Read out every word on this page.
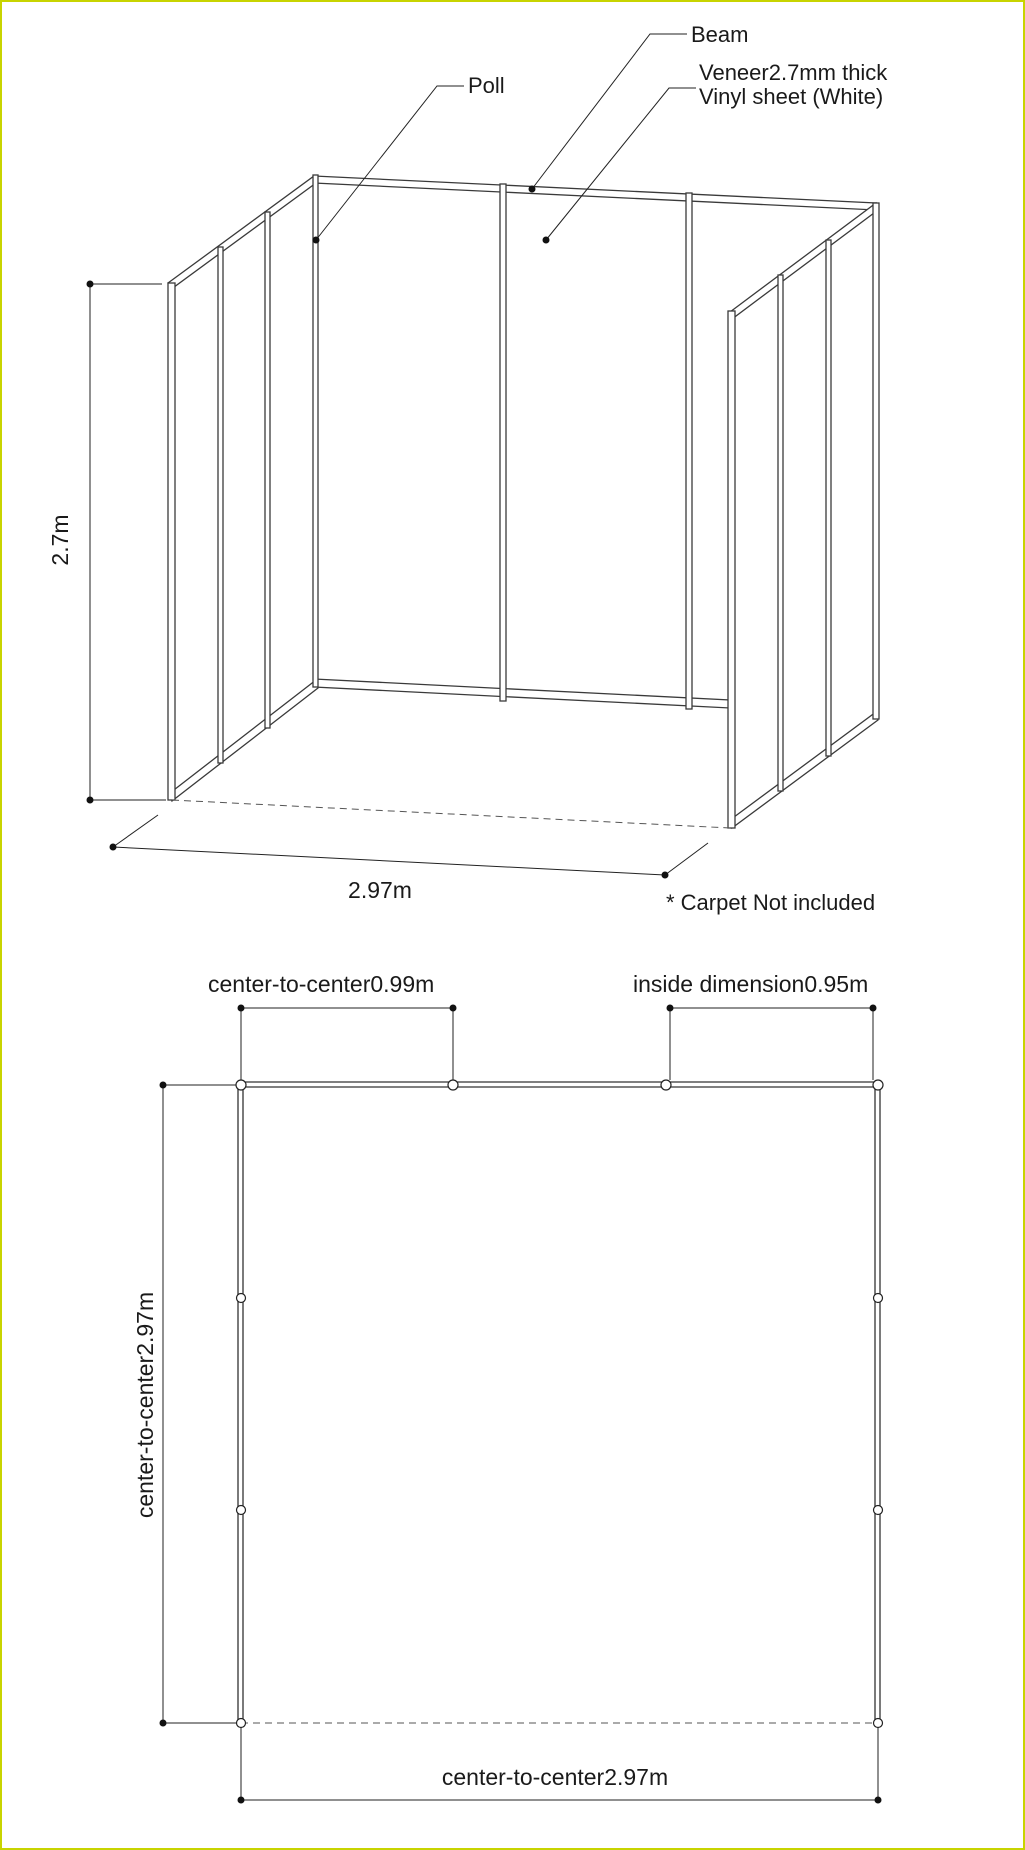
2.7m
2.97m	* Carpet Not included
Poll
Beam
Veneer2.7mm thick
Vinyl sheet (White)
center-to-center0.99m	inside dimension0.95m
center-to-center2.97m
center-to-center2.97m
